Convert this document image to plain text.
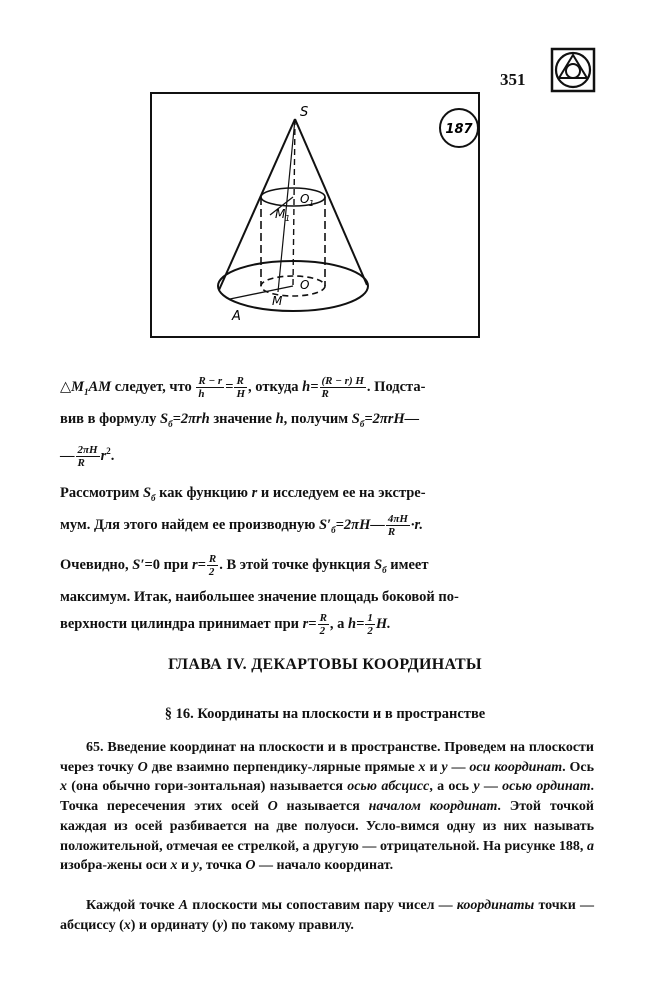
351
187
S
O 1
M 1
O
M
A
$\triangle M_1AM$ следует, что $\frac{R - r}{h} = \frac{R}{H}$ , откуда $h= \frac{(R - r) H}{R}$ . Подста-
вив в формулу $S_б=2\pi rh$ значение h, получим $S_б=2\pi rH—$
— $\frac{2\pi H}{R} r^2$.
Рассмотрим $S_б$ как функцию r и исследуем ее на экстре-
мум. Для этого найдем ее производную $S'_б=2\pi H— \frac{4\pi H}{R} \cdot r$.
Очевидно, S′=0 при $r= \frac{R}{2}$ . В этой точке функция $S_б$ имеет
максимум. Итак, наибольшее значение площадь боковой по-
верхности цилиндра принимает при $r= \frac{R}{2}$ , а $h= \frac{1}{2} H$.
ГЛАВА IV. ДЕКАРТОВЫ КООРДИНАТЫ
§ 16. Координаты на плоскости и в пространстве
65. Введение координат на плоскости и в пространстве. Проведем на плоскости через точку O две взаимно перпендику-лярные прямые x и y — оси координат. Ось x (она обычно гори-зонтальная) называется осью абсцисс, а ось y — осью ординат. Точка пересечения этих осей O называется началом координат. Этой точкой каждая из осей разбивается на две полуоси. Усло-вимся одну из них называть положительной, отмечая ее стрелкой, а другую — отрицательной. На рисунке 188, а изобра-жены оси x и y, точка O — начало координат.
Каждой точке A плоскости мы сопоставим пару чисел — координаты точки — абсциссу (x) и ординату (y) по такому правилу.
